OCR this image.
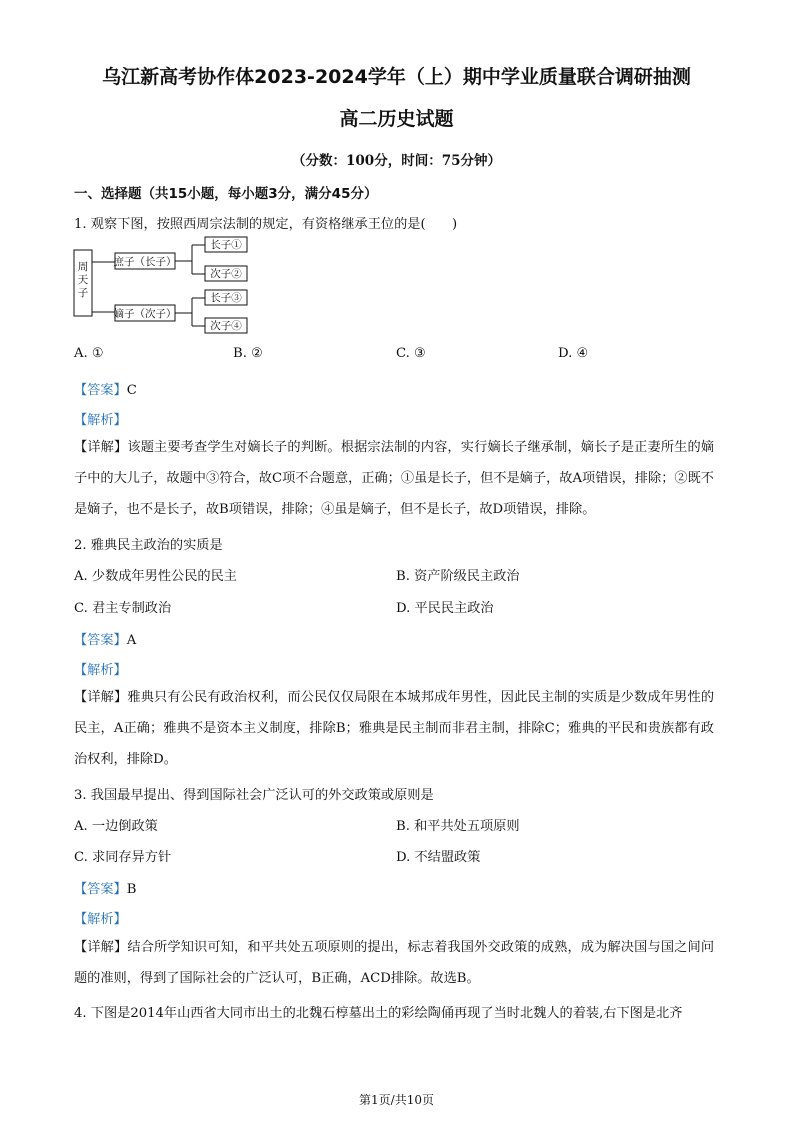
乌江新高考协作体2023-2024学年（上）期中学业质量联合调研抽测
高二历史试题
（分数：100分，时间：75分钟）
一、选择题（共15小题，每小题3分，满分45分）
1. 观察下图，按照西周宗法制的规定，有资格继承王位的是(　　)
周天子
庶子（长子）
嫡子（次子）
长子①
次子②
长子③
次子④
A. ①	B. ②	C. ③	D. ④
【答案】C
【解析】
【详解】该题主要考查学生对嫡长子的判断。根据宗法制的内容，实行嫡长子继承制，嫡长子是正妻所生的嫡子中的大儿子，故题中③符合，故C项不合题意，正确；①虽是长子，但不是嫡子，故A项错误，排除；②既不是嫡子，也不是长子，故B项错误，排除；④虽是嫡子，但不是长子，故D项错误，排除。
2. 雅典民主政治的实质是
A. 少数成年男性公民的民主	B. 资产阶级民主政治
C. 君主专制政治	D. 平民民主政治
【答案】A
【解析】
【详解】雅典只有公民有政治权利，而公民仅仅局限在本城邦成年男性，因此民主制的实质是少数成年男性的民主，A正确；雅典不是资本主义制度，排除B；雅典是民主制而非君主制，排除C；雅典的平民和贵族都有政治权利，排除D。
3. 我国最早提出、得到国际社会广泛认可的外交政策或原则是
A. 一边倒政策	B. 和平共处五项原则
C. 求同存异方针	D. 不结盟政策
【答案】B
【解析】
【详解】结合所学知识可知，和平共处五项原则的提出，标志着我国外交政策的成熟，成为解决国与国之间问题的准则，得到了国际社会的广泛认可，B正确，ACD排除。故选B。
4. 下图是2014年山西省大同市出土的北魏石椁墓出土的彩绘陶俑再现了当时北魏人的着装,右下图是北齐
第1页/共10页
